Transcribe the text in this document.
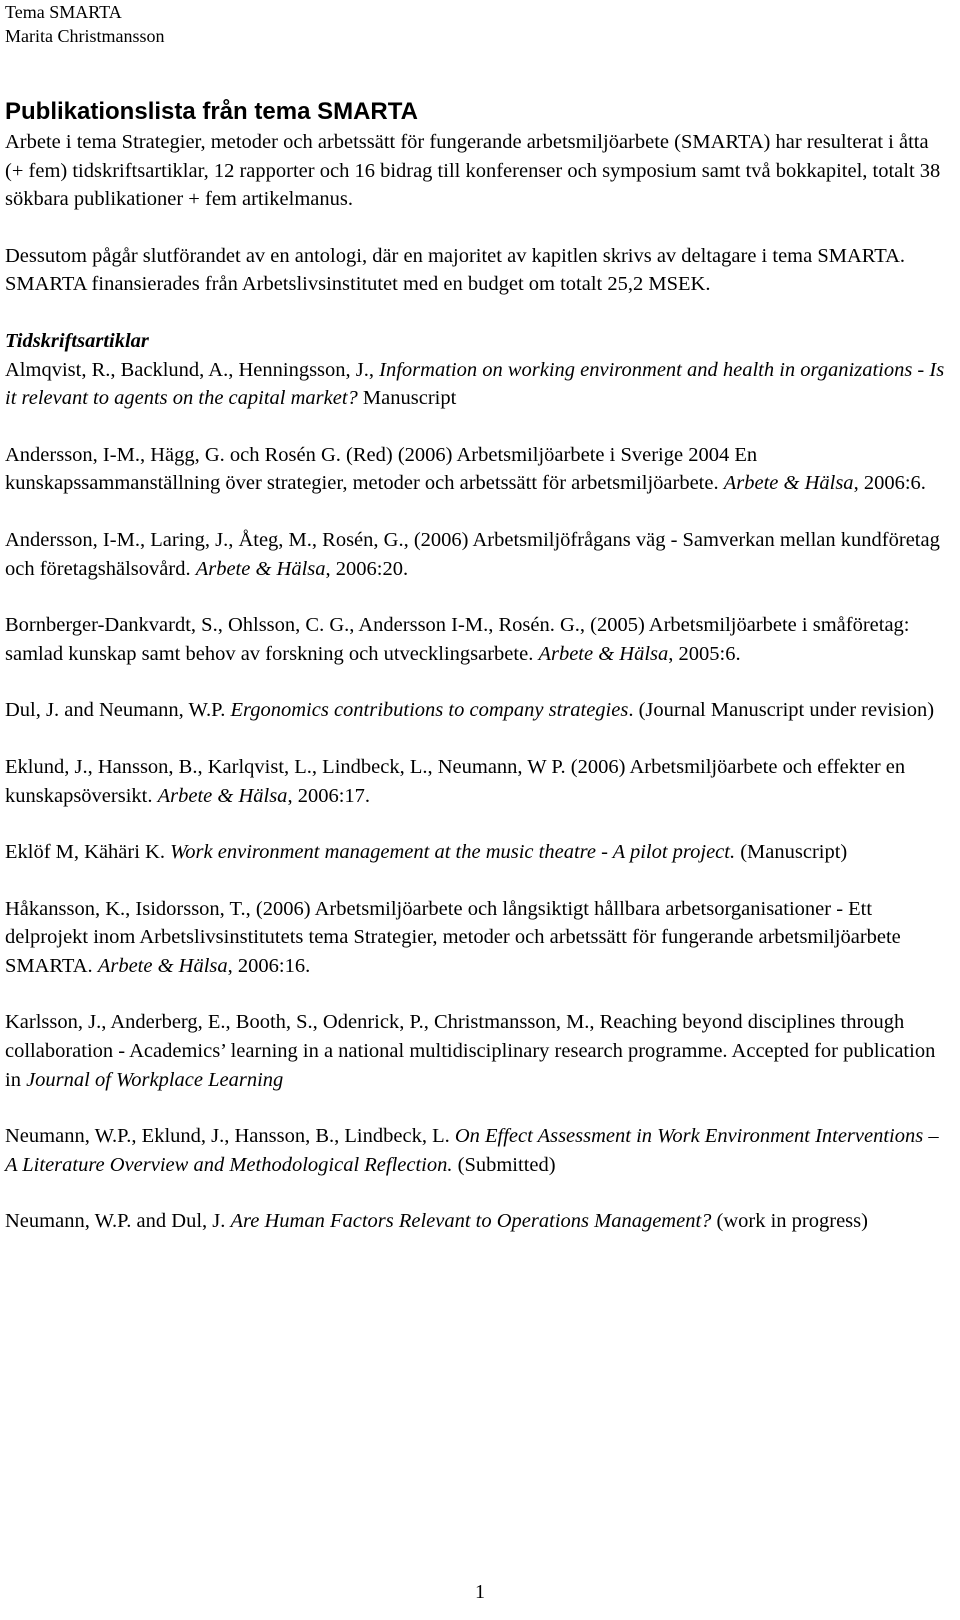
Tema SMARTA
Marita Christmansson
Publikationslista från tema SMARTA

Arbete i tema Strategier, metoder och arbetssätt för fungerande arbetsmiljöarbete (SMARTA) har resulterat i åtta (+ fem) tidskriftsartiklar, 12 rapporter och 16 bidrag till konferenser och symposium samt två bokkapitel, totalt 38 sökbara publikationer + fem artikelmanus.

Dessutom pågår slutförandet av en antologi, där en majoritet av kapitlen skrivs av deltagare i tema SMARTA. SMARTA finansierades från Arbetslivsinstitutet med en budget om totalt 25,2 MSEK.

Tidskriftsartiklar

Almqvist, R., Backlund, A., Henningsson, J., Information on working environment and health in organizations - Is it relevant to agents on the capital market? Manuscript

Andersson, I-M., Hägg, G. och Rosén G. (Red) (2006) Arbetsmiljöarbete i Sverige 2004 En kunskapssammanställning över strategier, metoder och arbetssätt för arbetsmiljöarbete. Arbete & Hälsa, 2006:6.

Andersson, I-M., Laring, J., Åteg, M., Rosén, G., (2006) Arbetsmiljöfrågans väg - Samverkan mellan kundföretag och företagshälsovård. Arbete & Hälsa, 2006:20.

Bornberger-Dankvardt, S., Ohlsson, C. G., Andersson I-M., Rosén. G., (2005) Arbetsmiljöarbete i småföretag: samlad kunskap samt behov av forskning och utvecklingsarbete. Arbete & Hälsa, 2005:6.

Dul, J. and Neumann, W.P. Ergonomics contributions to company strategies. (Journal Manuscript under revision)

Eklund, J., Hansson, B., Karlqvist, L., Lindbeck, L., Neumann, W P. (2006) Arbetsmiljöarbete och effekter en kunskapsöversikt. Arbete & Hälsa, 2006:17.

Eklöf M, Kähäri K. Work environment management at the music theatre - A pilot project. (Manuscript)

Håkansson, K., Isidorsson, T., (2006) Arbetsmiljöarbete och långsiktigt hållbara arbetsorganisationer - Ett delprojekt inom Arbetslivsinstitutets tema Strategier, metoder och arbetssätt för fungerande arbetsmiljöarbete SMARTA. Arbete & Hälsa, 2006:16.

Karlsson, J., Anderberg, E., Booth, S., Odenrick, P., Christmansson, M., Reaching beyond disciplines through collaboration - Academics’ learning in a national multidisciplinary research programme. Accepted for publication in Journal of Workplace Learning

Neumann, W.P., Eklund, J., Hansson, B., Lindbeck, L. On Effect Assessment in Work Environment Interventions – A Literature Overview and Methodological Reflection. (Submitted)

Neumann, W.P. and Dul, J. Are Human Factors Relevant to Operations Management? (work in progress)

1
